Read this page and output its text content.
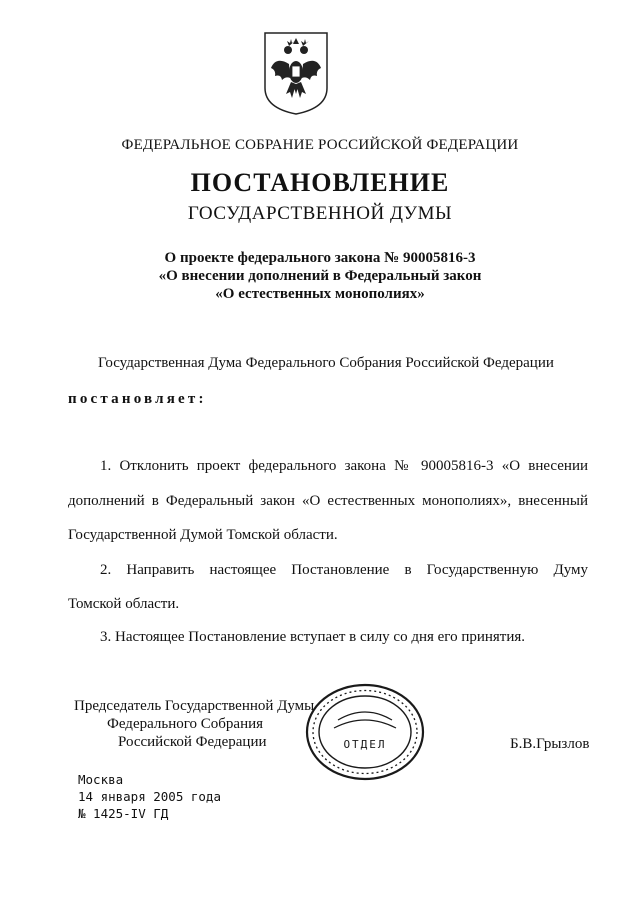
ФЕДЕРАЛЬНОЕ СОБРАНИЕ РОССИЙСКОЙ ФЕДЕРАЦИИ
ПОСТАНОВЛЕНИЕ
ГОСУДАРСТВЕННОЙ ДУМЫ
О проекте федерального закона № 90005816-3
«О внесении дополнений в Федеральный закон
«О естественных монополиях»
Государственная Дума Федерального Собрания Российской Федерации
постановляет:
1. Отклонить проект федерального закона № 90005816-3 «О внесении
дополнений в Федеральный закон «О естественных монополиях», внесенный
Государственной Думой Томской области.
2. Направить настоящее Постановление в Государственную Думу
Томской области.
3. Настоящее Постановление вступает в силу со дня его принятия.
Председатель Государственной Думы
Федерального Собрания
Российской Федерации	Б.В.Грызлов
ОТДЕЛ
Москва
14 января 2005 года
№ 1425-IV ГД
